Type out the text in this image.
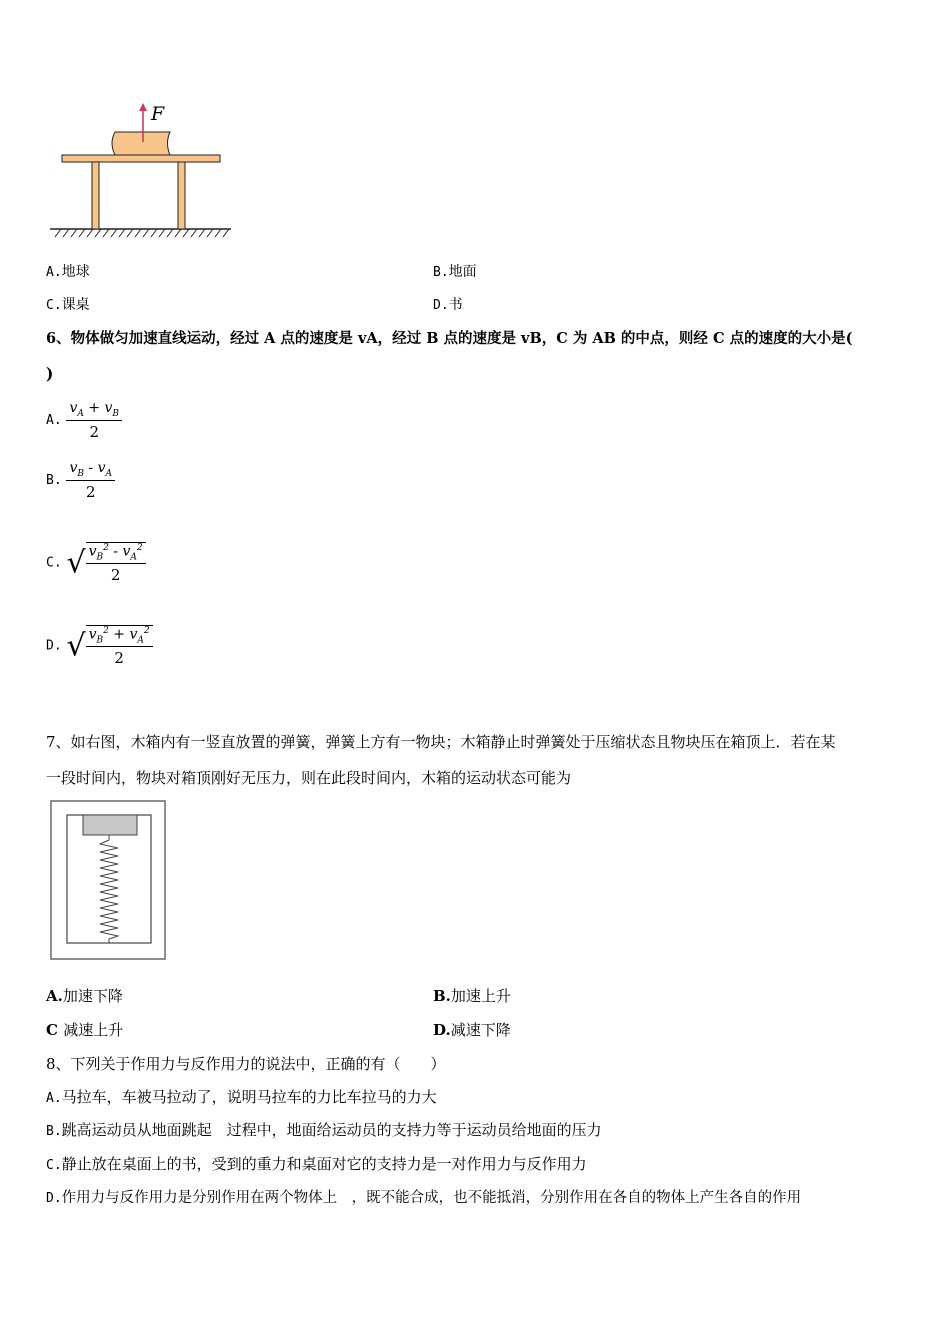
F
A.地球	B.地面
C.课桌	D.书
6、物体做匀加速直线运动，经过 A 点的速度是 vA，经过 B 点的速度是 vB，C 为 AB 的中点，则经 C 点的速度的大小是(
)
A. $\frac{v_A + v_B}{2}$
B. $\frac{v_B - v_A}{2}$
C. √ $\frac{v_B^2 - v_A^2}{2}$
D. √ $\frac{v_B^2 + v_A^2}{2}$
7、如右图，木箱内有一竖直放置的弹簧，弹簧上方有一物块；木箱静止时弹簧处于压缩状态且物块压在箱顶上．若在某
一段时间内，物块对箱顶刚好无压力，则在此段时间内，木箱的运动状态可能为
A.加速下降	B.加速上升
C 减速上升	D.减速下降
8、下列关于作用力与反作用力的说法中，正确的有（　　）
A.马拉车，车被马拉动了，说明马拉车的力比车拉马的力大
B.跳高运动员从地面跳起　过程中，地面给运动员的支持力等于运动员给地面的压力
C.静止放在桌面上的书，受到的重力和桌面对它的支持力是一对作用力与反作用力
D.作用力与反作用力是分别作用在两个物体上　，既不能合成，也不能抵消，分别作用在各自的物体上产生各自的作用
